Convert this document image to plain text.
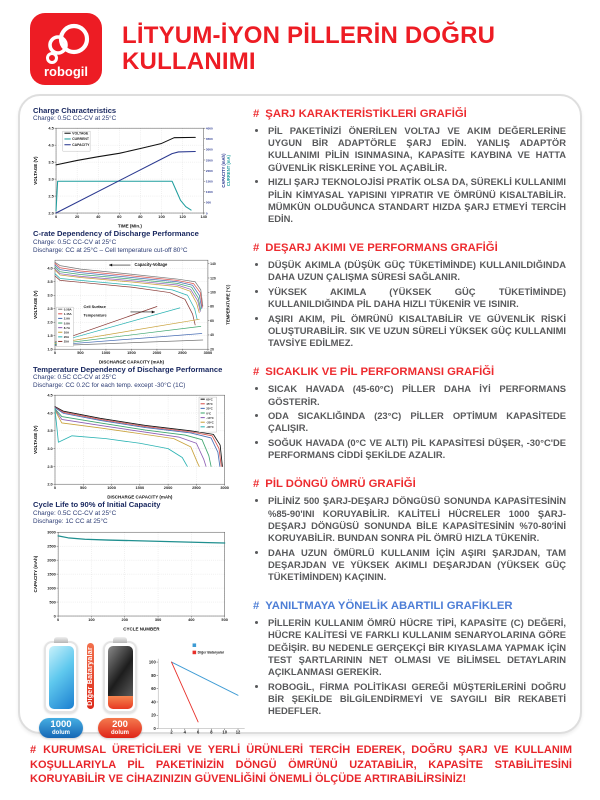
robogil
LİTYUM-İYON PİLLERİN DOĞRU KULLANIMI
Charge Characteristics
Charge: 0.5C CC-CV at 25°C
0	20	40	60	80	100	120	140
2.0
2.5
3.0
3.5
4.0
4.5
0
500
1000
1500
2000
2500
3000
3500
4000
TIME (Min.)
VOLTAGE (V)	CAPACITY (mAh) CURRENT (mA)
VOLTAGE
CURRENT
CAPACITY
C-rate Dependency of Discharge Performance
Charge: 0.5C CC-CV at 25°C
Discharge: CC at 25°C – Cell temperature cut-off 80°C
0	500	1000	1500	2000	2500	3000
1.0
1.5
2.0
2.5
3.0
3.5
4.0
20
40
60
80
100
120
140
DISCHARGE CAPACITY (mAh)
VOLTAGE (V)	TEMPERATURE (°C)
0.58A
1.45A
2.9A
5.8A
8.7A
10A
20A
25A
Capacity-Voltage
Cell Surface
Temperature
Temperature Dependency of Discharge Performance
Charge: 0.5C CC-CV at 25°C
Discharge: CC 0.2C for each temp. except -30°C (1C)
0	500	1000	1500	2000	2500	3000
2.0
2.5
3.0
3.5
4.0
4.5
DISCHARGE CAPACITY (mAh)
VOLTAGE (V)
60°C
45°C
25°C
0°C
-10°C
-20°C
-30°C
Cycle Life to 90% of Initial Capacity
Charge: 0.5C CC-CV at 25°C
Discharge: 1C CC at 25°C
0	100	200	300	400	500
0
500
1000
1500
2000
2500
3000
CYCLE NUMBER
CAPACITY (mAh)
1000
dolum
Diğer Bataryalar
200
dolum	2	4	6	8	10 12
0
20
40
60
80
100
Diğer Bataryalar
# ŞARJ KARAKTERİSTİKLERİ GRAFİĞİ
• PİL PAKETİNİZİ ÖNERİLEN VOLTAJ VE AKIM DEĞERLERİNE UYGUN BİR ADAPTÖRLE ŞARJ EDİN. YANLIŞ ADAPTÖR KULLANIMI PİLİN ISINMASINA, KAPASİTE KAYBINA VE HATTA GÜVENLİK RİSKLERİNE YOL AÇABİLİR.
• HIZLI ŞARJ TEKNOLOJİSİ PRATİK OLSA DA, SÜREKLİ KULLANIMI PİLİN KİMYASAL YAPISINI YIPRATIR VE ÖMRÜNÜ KISALTABİLİR. MÜMKÜN OLDUĞUNCA STANDART HIZDA ŞARJ ETMEYİ TERCİH EDİN.
# DEŞARJ AKIMI VE PERFORMANS GRAFİĞİ
• DÜŞÜK AKIMLA (DÜŞÜK GÜÇ TÜKETİMİNDE) KULLANILDIĞINDA DAHA UZUN ÇALIŞMA SÜRESİ SAĞLANIR.
• YÜKSEK AKIMLA (YÜKSEK GÜÇ TÜKETİMİNDE) KULLANILDIĞINDA PİL DAHA HIZLI TÜKENİR VE ISINIR.
• AŞIRI AKIM, PİL ÖMRÜNÜ KISALTABİLİR VE GÜVENLİK RİSKİ OLUŞTURABİLİR. SIK VE UZUN SÜRELİ YÜKSEK GÜÇ KULLANIMI TAVSİYE EDİLMEZ.
# SICAKLIK VE PİL PERFORMANSI GRAFİĞİ
• SICAK HAVADA (45-60°C) PİLLER DAHA İYİ PERFORMANS GÖSTERİR.
• ODA SICAKLIĞINDA (23°C) PİLLER OPTİMUM KAPASİTEDE ÇALIŞIR.
• SOĞUK HAVADA (0°C VE ALTI) PİL KAPASİTESİ DÜŞER, -30°C'DE PERFORMANS CİDDİ ŞEKİLDE AZALIR.
# PİL DÖNGÜ ÖMRÜ GRAFİĞİ
• PİLİNİZ 500 ŞARJ-DEŞARJ DÖNGÜSÜ SONUNDA KAPASİTESİNİN %85-90'INI KORUYABİLİR. KALİTELİ HÜCRELER 1000 ŞARJ-DEŞARJ DÖNGÜSÜ SONUNDA BİLE KAPASİTESİNİN %70-80'İNİ KORUYABİLİR. BUNDAN SONRA PİL ÖMRÜ HIZLA TÜKENİR.
• DAHA UZUN ÖMÜRLÜ KULLANIM İÇİN AŞIRI ŞARJDAN, TAM DEŞARJDAN VE YÜKSEK AKIMLI DEŞARJDAN (YÜKSEK GÜÇ TÜKETİMİNDEN) KAÇININ.
# YANILTMAYA YÖNELİK ABARTILI GRAFİKLER
• PİLLERİN KULLANIM ÖMRÜ HÜCRE TİPİ, KAPASİTE (C) DEĞERİ, HÜCRE KALİTESİ VE FARKLI KULLANIM SENARYOLARINA GÖRE DEĞİŞİR. BU NEDENLE GERÇEKÇİ BİR KIYASLAMA YAPMAK İÇİN TEST ŞARTLARININ NET OLMASI VE BİLİMSEL DETAYLARIN AÇIKLANMASI GEREKİR.
• ROBOGİL, FİRMA POLİTİKASI GEREĞİ MÜŞTERİLERİNİ DOĞRU BİR ŞEKİLDE BİLGİLENDİRMEYİ VE SAYGILI BİR REKABETİ HEDEFLER.
# KURUMSAL ÜRETİCİLERİ VE YERLİ ÜRÜNLERİ TERCİH EDEREK, DOĞRU ŞARJ VE KULLANIM KOŞULLARIYLA PİL PAKETİNİZİN DÖNGÜ ÖMRÜNÜ UZATABİLİR, KAPASİTE STABİLİTESİNİ KORUYABİLİR VE CİHAZINIZIN GÜVENLİĞİNİ ÖNEMLİ ÖLÇÜDE ARTIRABİLİRSİNİZ!
